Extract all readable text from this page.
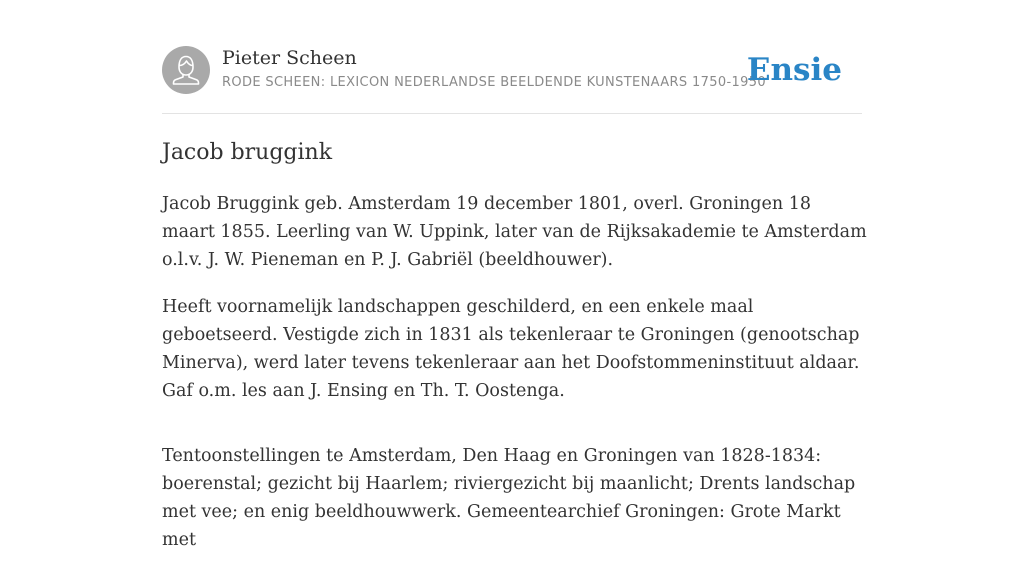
Pieter Scheen
RODE SCHEEN: LEXICON NEDERLANDSE BEELDENDE KUNSTENAARS 1750-1950
Ensie
Jacob bruggink

Jacob Bruggink geb. Amsterdam 19 december 1801, overl. Groningen 18 maart 1855. Leerling van W. Uppink, later van de Rijksakademie te Amsterdam o.l.v. J. W. Pieneman en P. J. Gabriël (beeldhouwer).

Heeft voornamelijk landschappen geschilderd, en een enkele maal geboetseerd. Vestigde zich in 1831 als tekenleraar te Groningen (genootschap Minerva), werd later tevens tekenleraar aan het Doofstommeninstituut aldaar. Gaf o.m. les aan J. Ensing en Th. T. Oostenga.

Tentoonstellingen te Amsterdam, Den Haag en Groningen van 1828-1834: boerenstal; gezicht bij Haarlem; riviergezicht bij maanlicht; Drents landschap met vee; en enig beeldhouwwerk. Gemeentearchief Groningen: Grote Markt met
